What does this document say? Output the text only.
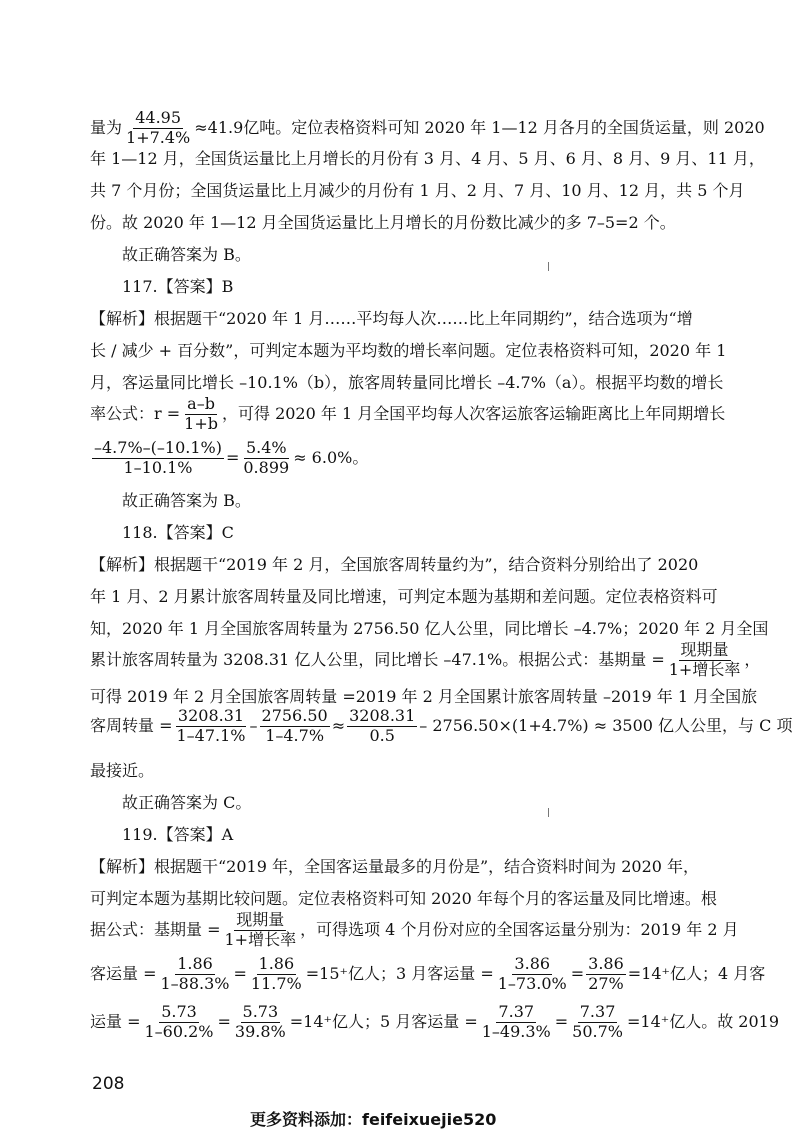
量为 $\frac{44.95}{1+7.4\%} \approx 41.9$亿吨。定位表格资料可知 2020 年 1—12 月各月的全国货运量，则 2020
年 1—12 月，全国货运量比上月增长的月份有 3 月、4 月、5 月、6 月、8 月、9 月、11 月，
共 7 个月份；全国货运量比上月减少的月份有 1 月、2 月、7 月、10 月、12 月，共 5 个月
份。故 2020 年 1—12 月全国货运量比上月增长的月份数比减少的多 7–5=2 个。
故正确答案为 B。
117.【答案】B
【解析】根据题干“2020 年 1 月……平均每人次……比上年同期约”，结合选项为“增
长 / 减少 + 百分数”，可判定本题为平均数的增长率问题。定位表格资料可知，2020 年 1
月，客运量同比增长 –10.1%（b），旅客周转量同比增长 –4.7%（a）。根据平均数的增长
率公式：$r = \frac{a-b}{1+b}$ ，可得 2020 年 1 月全国平均每人次客运旅客运输距离比上年同期增长
$\frac{-4.7\%-(-10.1\%)}{1-10.1\%} = \frac{5.4\%}{0.899} \approx 6.0\%$。
故正确答案为 B。
118.【答案】C
【解析】根据题干“2019 年 2 月，全国旅客周转量约为”，结合资料分别给出了 2020
年 1 月、2 月累计旅客周转量及同比增速，可判定本题为基期和差问题。定位表格资料可
知，2020 年 1 月全国旅客周转量为 2756.50 亿人公里，同比增长 –4.7%；2020 年 2 月全国
累计旅客周转量为 3208.31 亿人公里，同比增长 –47.1%。根据公式：基期量 = $\frac{\text{现期量}}{\text{1+增长率}}$ ，
可得 2019 年 2 月全国旅客周转量 =2019 年 2 月全国累计旅客周转量 –2019 年 1 月全国旅
客周转量 = $\frac{3208.31}{1-47.1\%} - \frac{2756.50}{1-4.7\%} \approx \frac{3208.31}{0.5} - 2756.50\times(1+4.7\%) \approx 3500$ 亿人公里，与 C 项
最接近。
故正确答案为 C。
119.【答案】A
【解析】根据题干“2019 年，全国客运量最多的月份是”，结合资料时间为 2020 年，
可判定本题为基期比较问题。定位表格资料可知 2020 年每个月的客运量及同比增速。根
据公式：基期量 = $\frac{\text{现期量}}{\text{1+增长率}}$ ，可得选项 4 个月份对应的全国客运量分别为：2019 年 2 月
客运量 = $\frac{1.86}{1-88.3\%} = \frac{1.86}{11.7\%} =15^+$亿人；3 月客运量 = $\frac{3.86}{1-73.0\%} = \frac{3.86}{27\%} =14^+$亿人；4 月客
运量 = $\frac{5.73}{1-60.2\%} = \frac{5.73}{39.8\%} =14^+$亿人；5 月客运量 = $\frac{7.37}{1-49.3\%} = \frac{7.37}{50.7\%} =14^+$亿人。故 2019
208
更多资料添加：feifeixuejie520
